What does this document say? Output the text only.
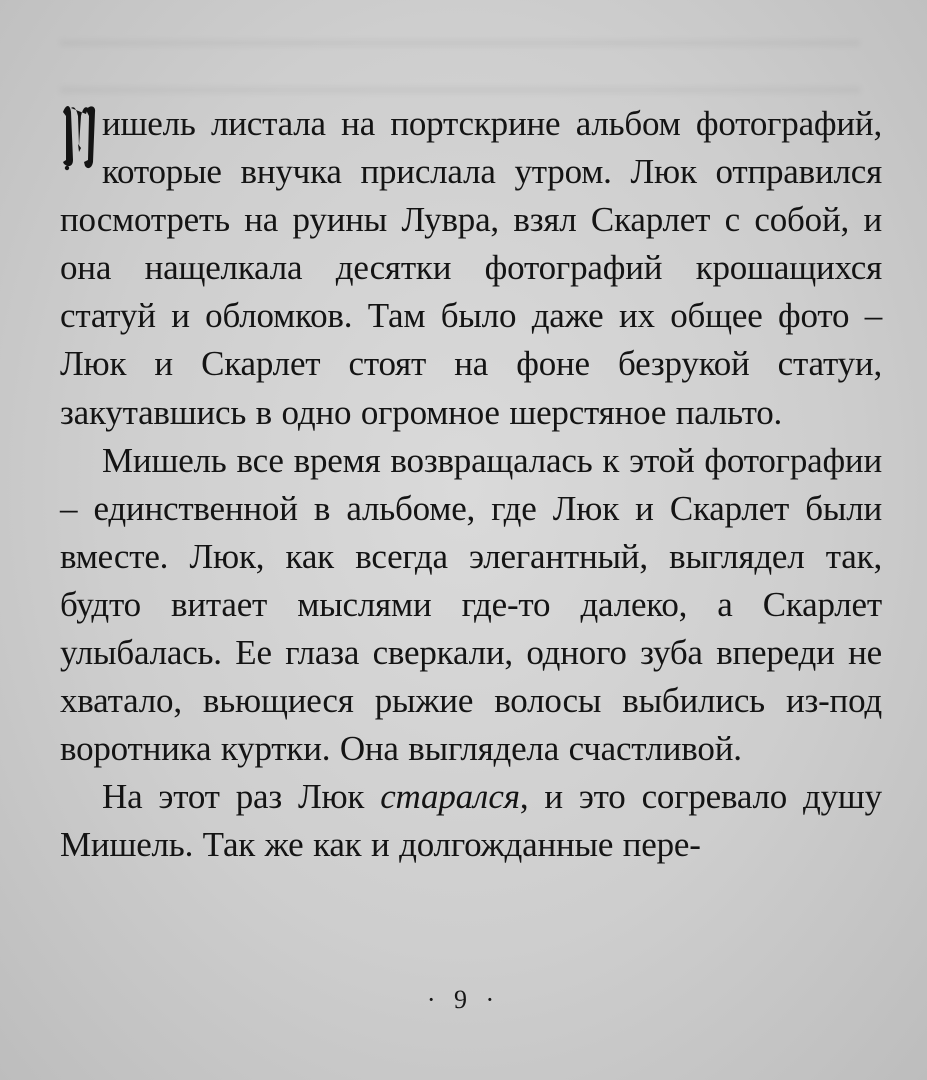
ишель листала на портскрине альбом фотографий, которые внучка прислала утром. Люк отправился посмотреть на руины Лувра, взял Скарлет с собой, и она нащелкала десятки фотографий крошащихся статуй и обломков. Там было даже их общее фото – Люк и Скарлет стоят на фоне безрукой статуи, закутавшись в одно огромное шерстяное пальто.

Мишель все время возвращалась к этой фотографии – единственной в альбоме, где Люк и Скарлет были вместе. Люк, как всегда элегантный, выглядел так, будто витает мыслями где-то далеко, а Скарлет улыбалась. Ее глаза сверкали, одного зуба впереди не хватало, вьющиеся рыжие волосы выбились из-под воротника куртки. Она выглядела счастливой.

На этот раз Люк старался, и это согревало душу Мишель. Так же как и долгожданные пере-

· 9 ·
